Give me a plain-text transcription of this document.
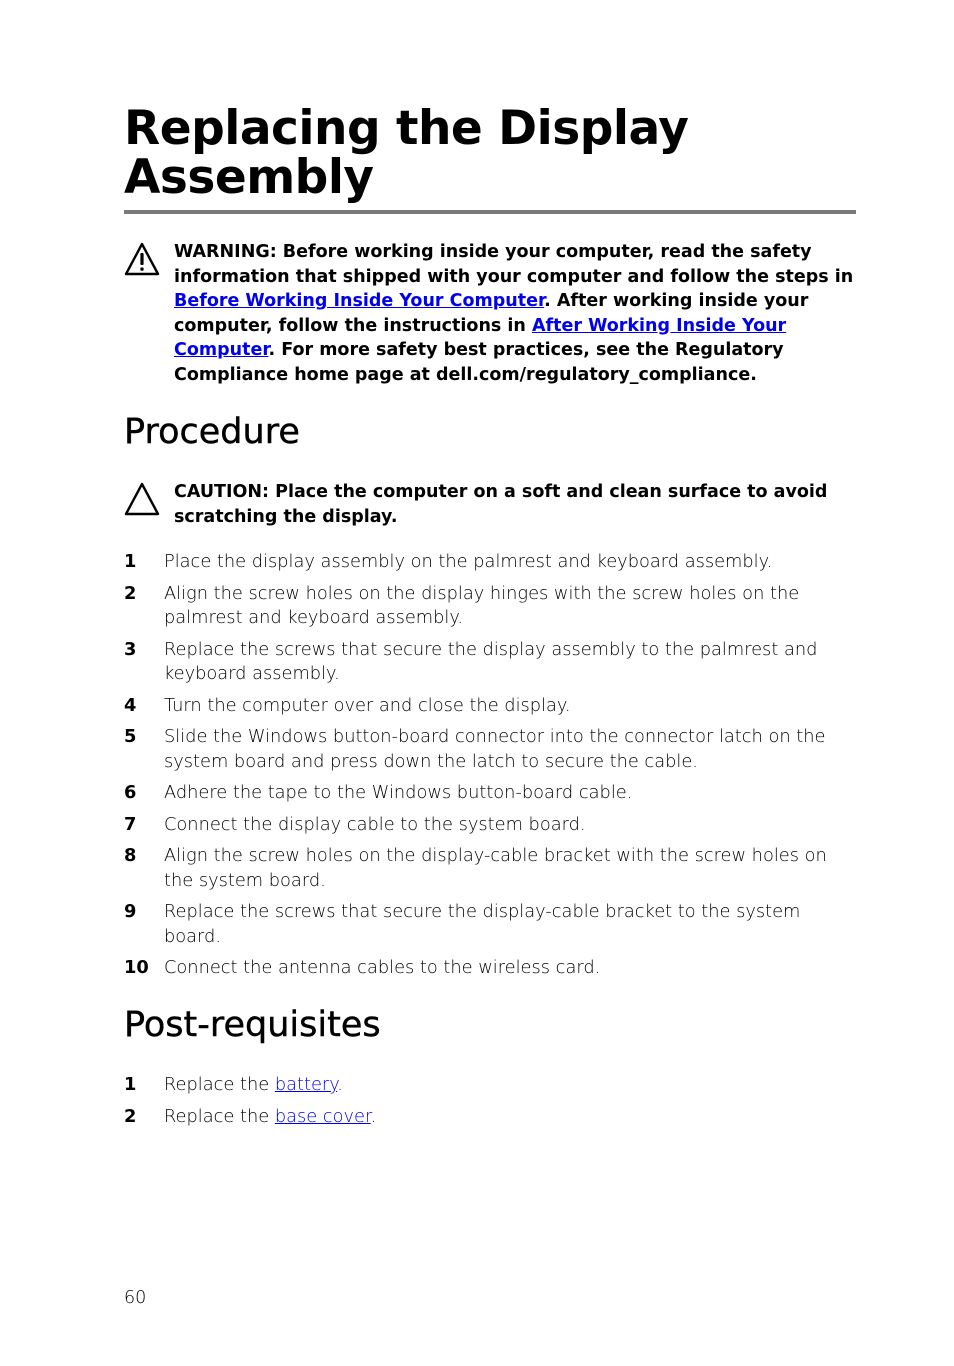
Replacing the Display Assembly
WARNING: Before working inside your computer, read the safety information that shipped with your computer and follow the steps in Before Working Inside Your Computer. After working inside your computer, follow the instructions in After Working Inside Your Computer. For more safety best practices, see the Regulatory Compliance home page at dell.com/regulatory_compliance.
Procedure
CAUTION: Place the computer on a soft and clean surface to avoid scratching the display.
1 Place the display assembly on the palmrest and keyboard assembly.
2 Align the screw holes on the display hinges with the screw holes on the palmrest and keyboard assembly.
3 Replace the screws that secure the display assembly to the palmrest and keyboard assembly.
4 Turn the computer over and close the display.
5 Slide the Windows button-board connector into the connector latch on the system board and press down the latch to secure the cable.
6 Adhere the tape to the Windows button-board cable.
7 Connect the display cable to the system board.
8 Align the screw holes on the display-cable bracket with the screw holes on the system board.
9 Replace the screws that secure the display-cable bracket to the system board.
10 Connect the antenna cables to the wireless card.
Post-requisites
1 Replace the battery.
2 Replace the base cover.
60
